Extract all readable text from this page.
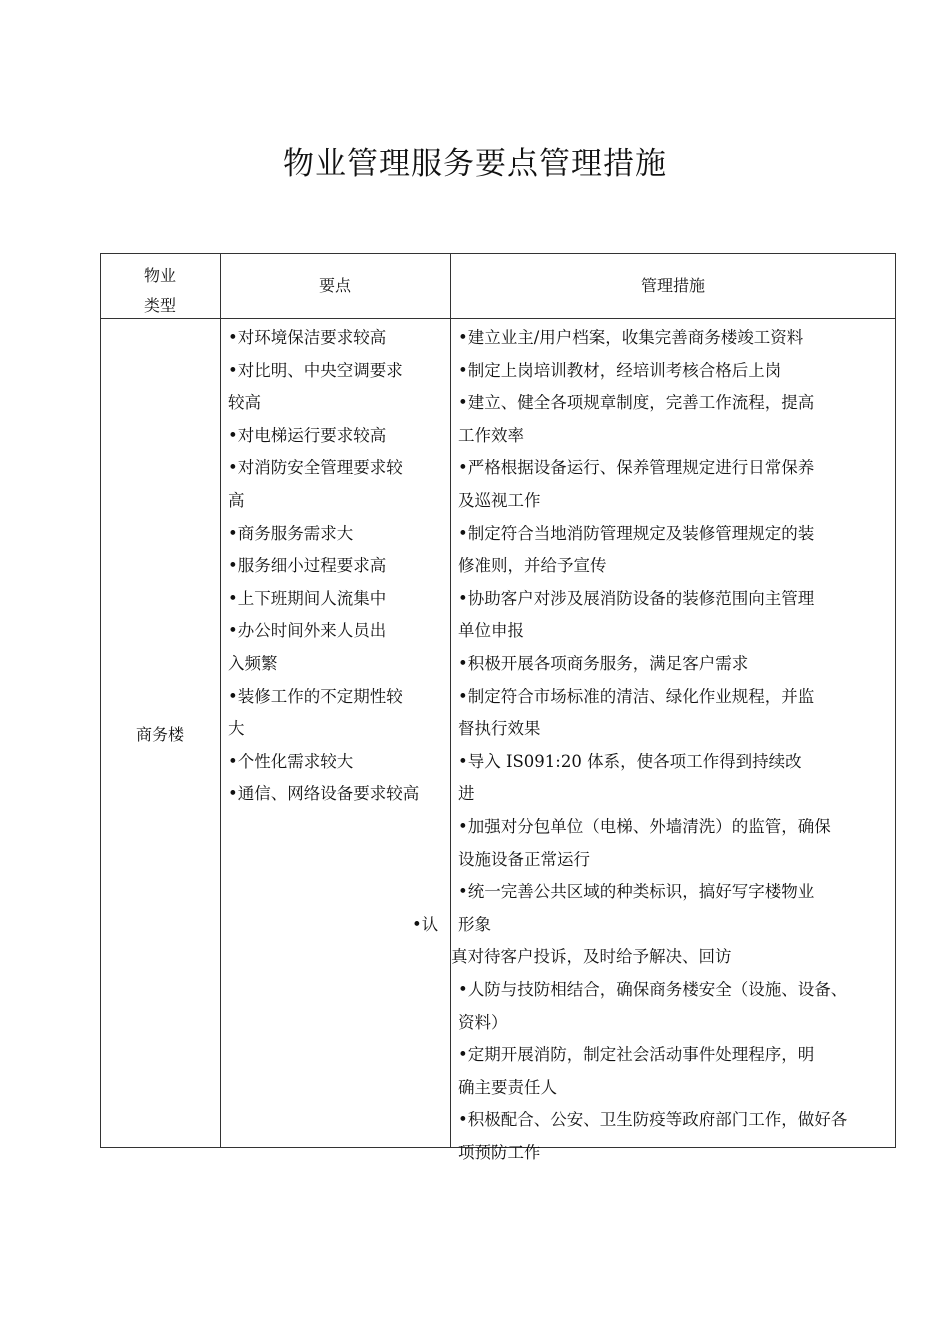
物业管理服务要点管理措施
物业
类型
要点	管理措施
商务楼
•对环境保洁要求较高
•对比明、中央空调要求
较高
•对电梯运行要求较高
•对消防安全管理要求较
高
•商务服务需求大
•服务细小过程要求高
•上下班期间人流集中
•办公时间外来人员出
入频繁
•装修工作的不定期性较
大
•个性化需求较大
•通信、网络设备要求较高
•认
•建立业主/用户档案，收集完善商务楼竣工资料
•制定上岗培训教材，经培训考核合格后上岗
•建立、健全各项规章制度，完善工作流程，提高
工作效率
•严格根据设备运行、保养管理规定进行日常保养
及巡视工作
•制定符合当地消防管理规定及装修管理规定的装
修准则，并给予宣传
•协助客户对涉及展消防设备的装修范围向主管理
单位申报
•积极开展各项商务服务，满足客户需求
•制定符合市场标准的清洁、绿化作业规程，并监
督执行效果
•导入 IS091:20 体系，使各项工作得到持续改
进
•加强对分包单位（电梯、外墙清洗）的监管，确保
设施设备正常运行
•统一完善公共区域的种类标识，搞好写字楼物业
形象
真对待客户投诉，及时给予解决、回访
•人防与技防相结合，确保商务楼安全（设施、设备、
资料）
•定期开展消防，制定社会活动事件处理程序，明
确主要责任人
•积极配合、公安、卫生防疫等政府部门工作，做好各
项预防工作
